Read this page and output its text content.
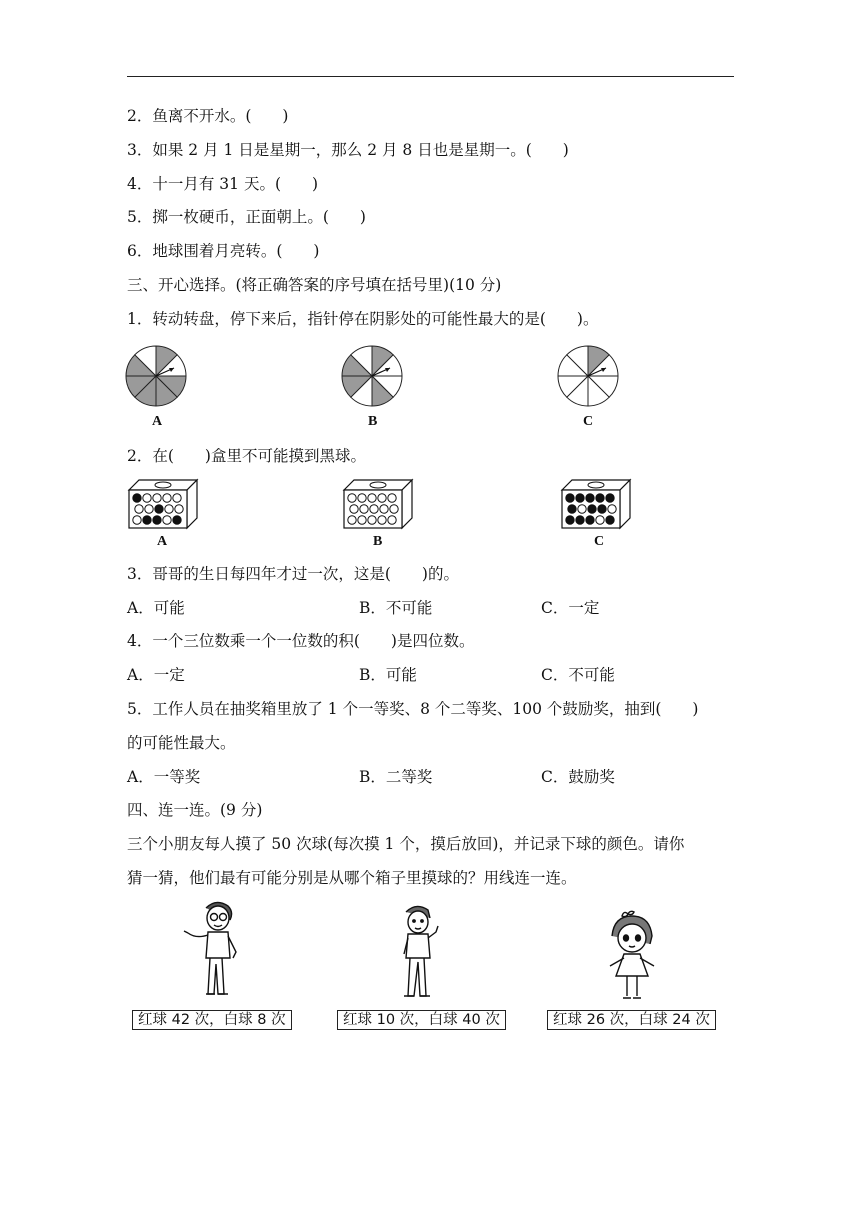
2．鱼离不开水。(　　)
3．如果 2 月 1 日是星期一，那么 2 月 8 日也是星期一。(　　)
4．十一月有 31 天。(　　)
5．掷一枚硬币，正面朝上。(　　)
6．地球围着月亮转。(　　)
三、开心选择。(将正确答案的序号填在括号里)(10 分)
1．转动转盘，停下来后，指针停在阴影处的可能性最大的是(　　)。
A	B	C
2．在(　　)盒里不可能摸到黑球。
A	B	C
3．哥哥的生日每四年才过一次，这是(　　)的。
A．可能	B．不可能	C．一定
4．一个三位数乘一个一位数的积(　　)是四位数。
A．一定	B．可能	C．不可能
5．工作人员在抽奖箱里放了 1 个一等奖、8 个二等奖、100 个鼓励奖，抽到(　　)
的可能性最大。
A．一等奖	B．二等奖	C．鼓励奖
四、连一连。(9 分)
三个小朋友每人摸了 50 次球(每次摸 1 个，摸后放回)，并记录下球的颜色。请你
猜一猜，他们最有可能分别是从哪个箱子里摸球的？用线连一连。
红球 42 次，白球 8 次	红球 10 次，白球 40 次	红球 26 次，白球 24 次
